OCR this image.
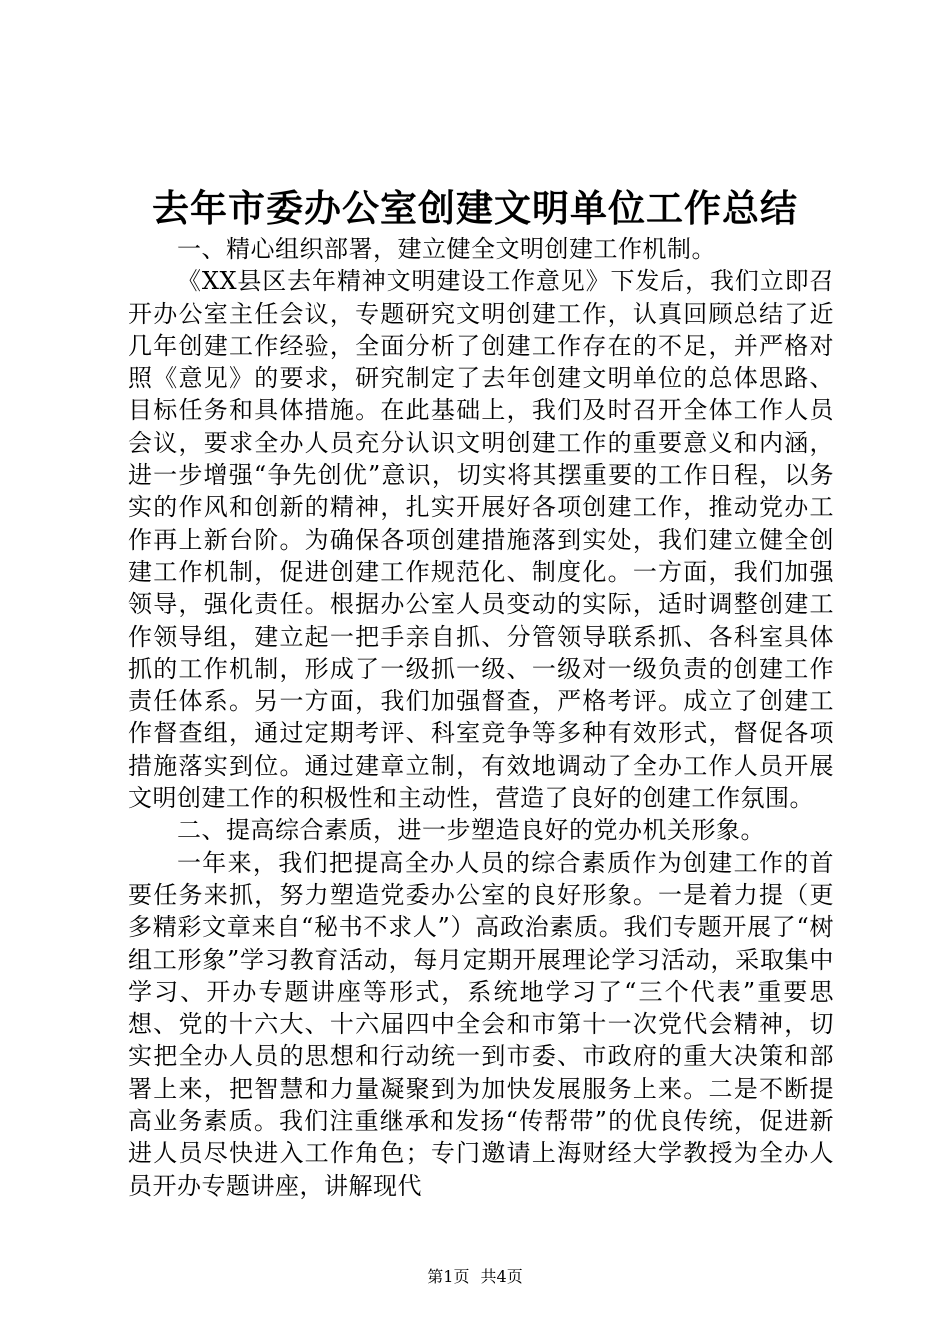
去年市委办公室创建文明单位工作总结

一、精心组织部署，建立健全文明创建工作机制。

《XX县区去年精神文明建设工作意见》下发后，我们立即召开办公室主任会议，专题研究文明创建工作，认真回顾总结了近几年创建工作经验，全面分析了创建工作存在的不足，并严格对照《意见》的要求，研究制定了去年创建文明单位的总体思路、目标任务和具体措施。在此基础上，我们及时召开全体工作人员会议，要求全办人员充分认识文明创建工作的重要意义和内涵，进一步增强“争先创优”意识，切实将其摆重要的工作日程，以务实的作风和创新的精神，扎实开展好各项创建工作，推动党办工作再上新台阶。为确保各项创建措施落到实处，我们建立健全创建工作机制，促进创建工作规范化、制度化。一方面，我们加强领导，强化责任。根据办公室人员变动的实际，适时调整创建工作领导组，建立起一把手亲自抓、分管领导联系抓、各科室具体抓的工作机制，形成了一级抓一级、一级对一级负责的创建工作责任体系。另一方面，我们加强督查，严格考评。成立了创建工作督查组，通过定期考评、科室竞争等多种有效形式，督促各项措施落实到位。通过建章立制，有效地调动了全办工作人员开展文明创建工作的积极性和主动性，营造了良好的创建工作氛围。

二、提高综合素质，进一步塑造良好的党办机关形象。

一年来，我们把提高全办人员的综合素质作为创建工作的首要任务来抓，努力塑造党委办公室的良好形象。一是着力提（更多精彩文章来自“秘书不求人”）高政治素质。我们专题开展了“树组工形象”学习教育活动，每月定期开展理论学习活动，采取集中学习、开办专题讲座等形式，系统地学习了“三个代表”重要思想、党的十六大、十六届四中全会和市第十一次党代会精神，切实把全办人员的思想和行动统一到市委、市政府的重大决策和部署上来，把智慧和力量凝聚到为加快发展服务上来。二是不断提高业务素质。我们注重继承和发扬“传帮带”的优良传统，促进新进人员尽快进入工作角色；专门邀请上海财经大学教授为全办人员开办专题讲座，讲解现代

第1页 共4页
